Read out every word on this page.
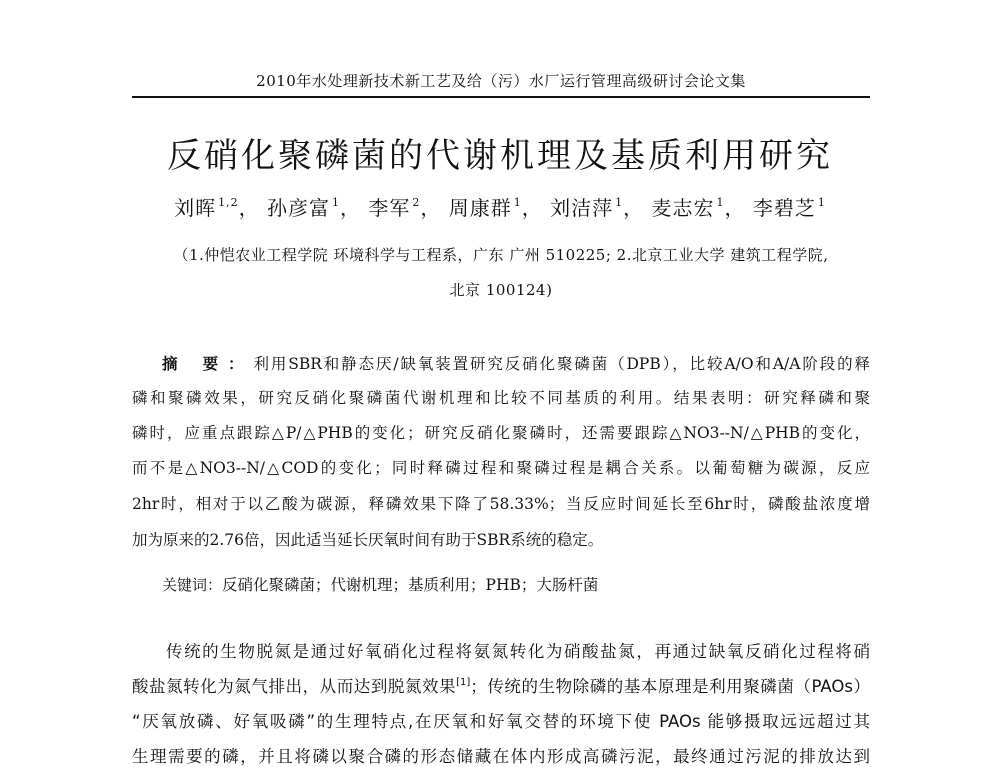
2010年水处理新技术新工艺及给（污）水厂运行管理高级研讨会论文集
反硝化聚磷菌的代谢机理及基质利用研究
刘晖 $^{1,2}$， 孙彦富 $^1$， 李军 $^2$， 周康群 $^1$， 刘洁萍 $^1$， 麦志宏 $^1$， 李碧芝 $^1$
（1.仲恺农业工程学院 环境科学与工程系，广东 广州 510225; 2.北京工业大学 建筑工程学院,
北京 100124)
摘 要：利用SBR和静态厌/缺氧装置研究反硝化聚磷菌（DPB），比较A/O和A/A阶段的释
磷和聚磷效果，研究反硝化聚磷菌代谢机理和比较不同基质的利用。结果表明：研究释磷和聚
磷时，应重点跟踪△P/△PHB的变化；研究反硝化聚磷时，还需要跟踪△NO3--N/△PHB的变化，
而不是△NO3--N/△COD的变化；同时释磷过程和聚磷过程是耦合关系。以葡萄糖为碳源，反应
2hr时，相对于以乙酸为碳源，释磷效果下降了58.33%；当反应时间延长至6hr时，磷酸盐浓度增
加为原来的2.76倍，因此适当延长厌氧时间有助于SBR系统的稳定。
关键词：反硝化聚磷菌；代谢机理；基质利用；PHB；大肠杆菌
传统的生物脱氮是通过好氧硝化过程将氨氮转化为硝酸盐氮，再通过缺氧反硝化过程将硝
酸盐氮转化为氮气排出，从而达到脱氮效果[1]；传统的生物除磷的基本原理是利用聚磷菌（PAOs）
“厌氧放磷、好氧吸磷”的生理特点,在厌氧和好氧交替的环境下使 PAOs 能够摄取远远超过其
生理需要的磷，并且将磷以聚合磷的形态储藏在体内形成高磷污泥，最终通过污泥的排放达到
